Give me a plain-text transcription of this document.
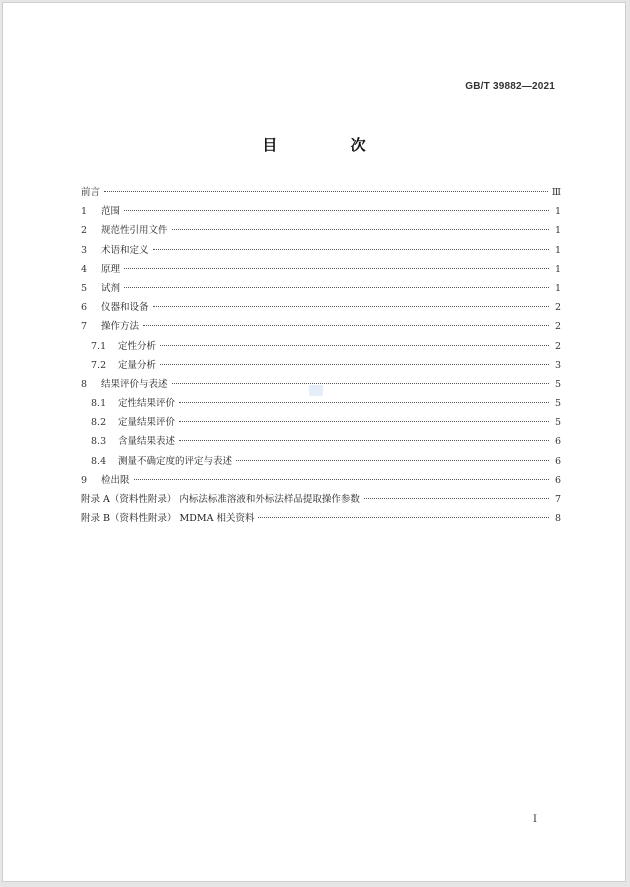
GB/T 39882—2021
目 次
前言	Ⅲ
1	范围	1
2	规范性引用文件	1
3	术语和定义	1
4	原理	1
5	试剂	1
6	仪器和设备	2
7	操作方法	2
7.1	定性分析	2
7.2	定量分析	3
8	结果评价与表述	5
8.1	定性结果评价	5
8.2	定量结果评价	5
8.3	含量结果表述	6
8.4	测量不确定度的评定与表述	6
9	检出限	6
附录 A（资料性附录） 内标法标准溶液和外标法样品提取操作参数	7
附录 B（资料性附录） MDMA 相关资料	8
I
